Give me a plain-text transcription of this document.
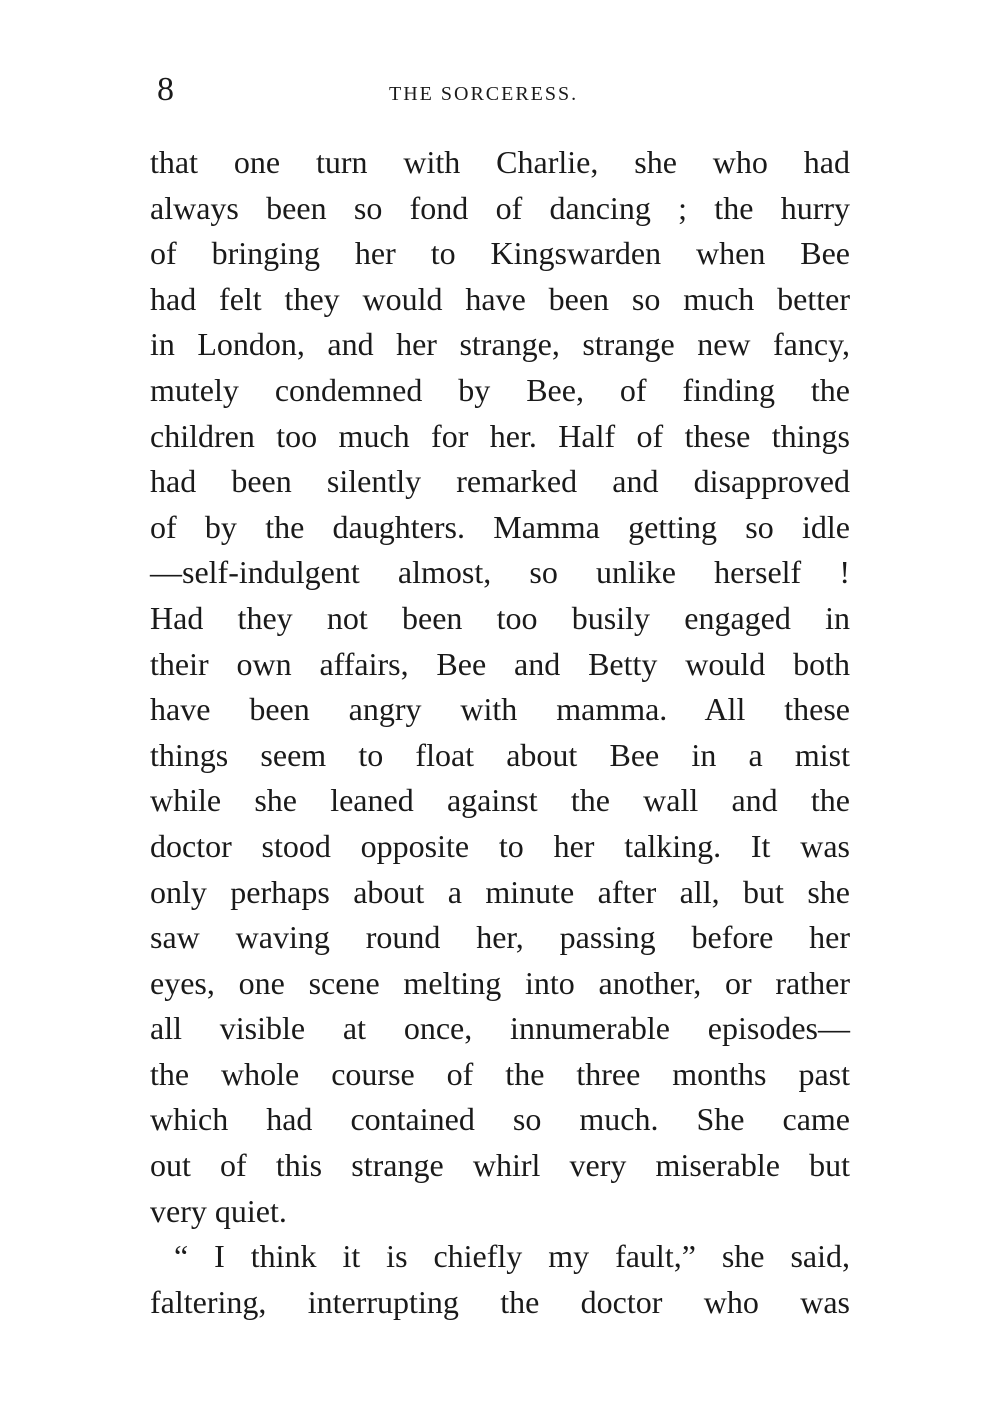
8	THE SORCERESS.
that one turn with Charlie, she who had
always been so fond of dancing ; the hurry
of bringing her to Kingswarden when Bee
had felt they would have been so much better
in London, and her strange, strange new fancy,
mutely condemned by Bee, of finding the
children too much for her. Half of these things
had been silently remarked and disapproved
of by the daughters. Mamma getting so idle
—self-indulgent almost, so unlike herself !
Had they not been too busily engaged in
their own affairs, Bee and Betty would both
have been angry with mamma. All these
things seem to float about Bee in a mist
while she leaned against the wall and the
doctor stood opposite to her talking. It was
only perhaps about a minute after all, but she
saw waving round her, passing before her
eyes, one scene melting into another, or rather
all visible at once, innumerable episodes—
the whole course of the three months past
which had contained so much. She came
out of this strange whirl very miserable but
very quiet.
“ I think it is chiefly my fault,” she said,
faltering, interrupting the doctor who was
